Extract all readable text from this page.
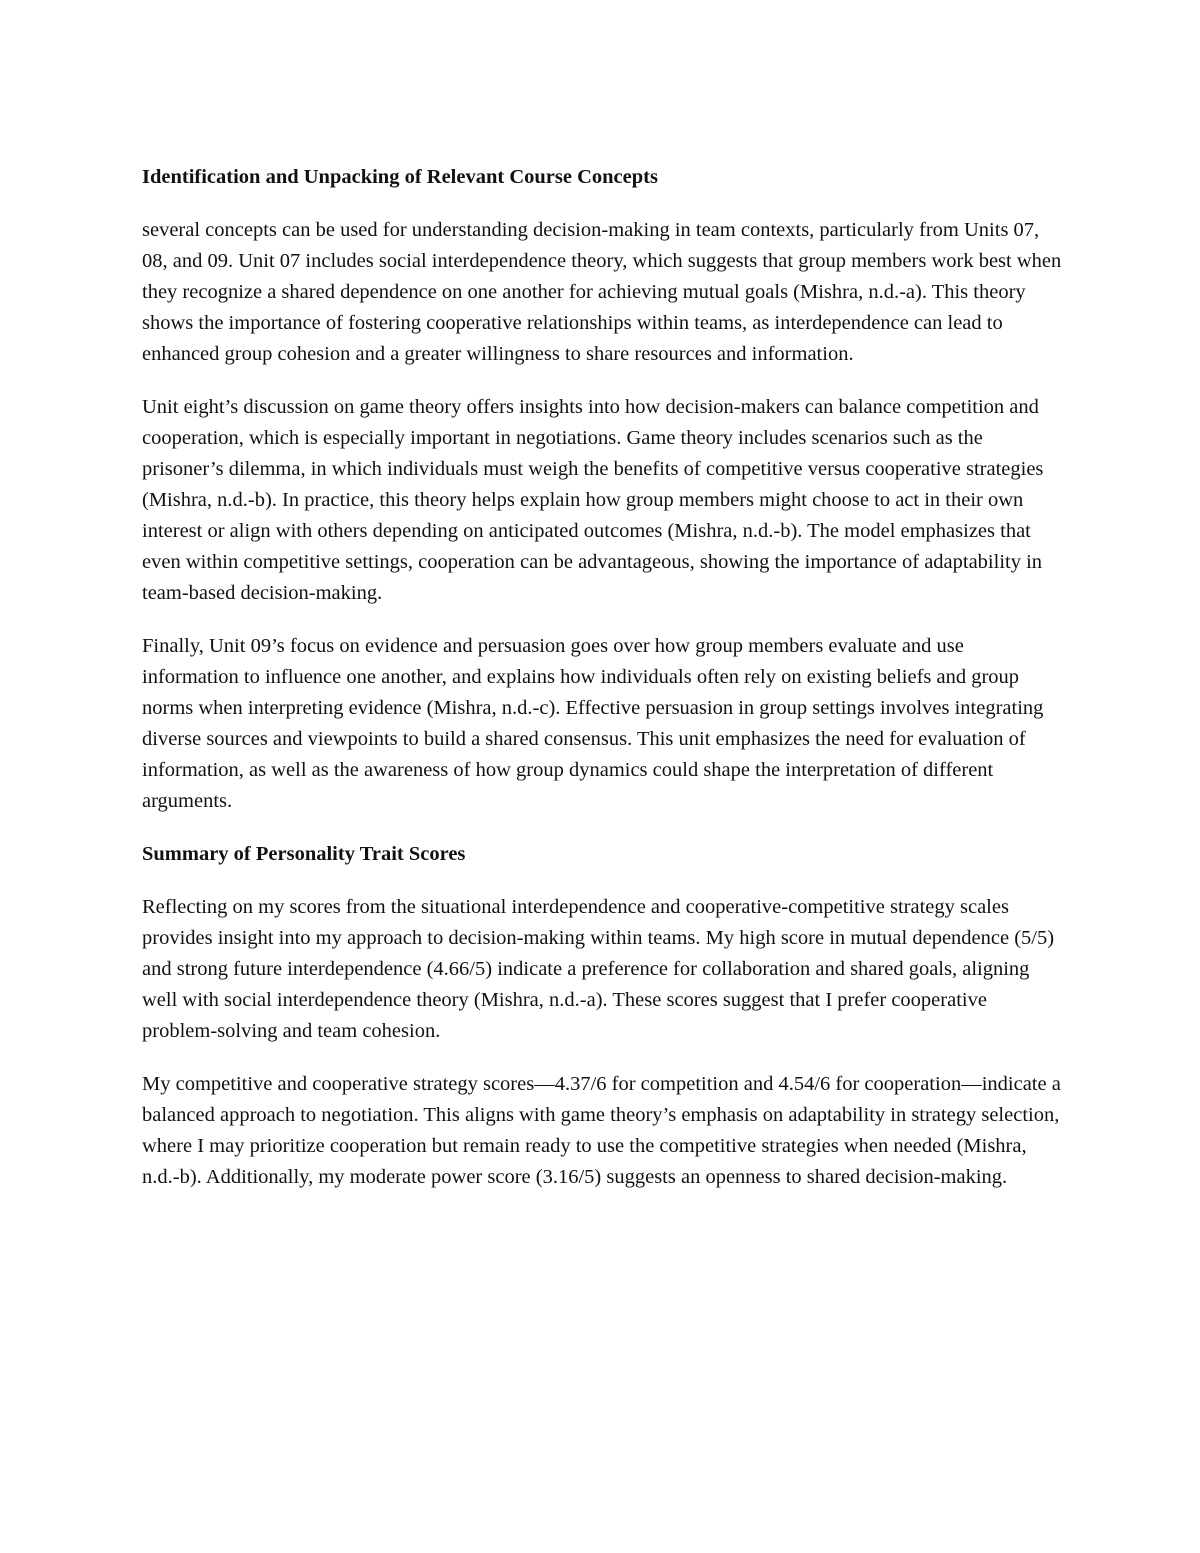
Identification and Unpacking of Relevant Course Concepts

several concepts can be used for understanding decision-making in team contexts, particularly from Units 07, 08, and 09. Unit 07 includes social interdependence theory, which suggests that group members work best when they recognize a shared dependence on one another for achieving mutual goals (Mishra, n.d.-a). This theory shows the importance of fostering cooperative relationships within teams, as interdependence can lead to enhanced group cohesion and a greater willingness to share resources and information.

Unit eight’s discussion on game theory offers insights into how decision-makers can balance competition and cooperation, which is especially important in negotiations. Game theory includes scenarios such as the prisoner’s dilemma, in which individuals must weigh the benefits of competitive versus cooperative strategies (Mishra, n.d.-b). In practice, this theory helps explain how group members might choose to act in their own interest or align with others depending on anticipated outcomes (Mishra, n.d.-b). The model emphasizes that even within competitive settings, cooperation can be advantageous, showing the importance of adaptability in team-based decision-making.

Finally, Unit 09’s focus on evidence and persuasion goes over how group members evaluate and use information to influence one another, and explains how individuals often rely on existing beliefs and group norms when interpreting evidence (Mishra, n.d.-c). Effective persuasion in group settings involves integrating diverse sources and viewpoints to build a shared consensus. This unit emphasizes the need for evaluation of information, as well as the awareness of how group dynamics could shape the interpretation of different arguments.

Summary of Personality Trait Scores

Reflecting on my scores from the situational interdependence and cooperative-competitive strategy scales provides insight into my approach to decision-making within teams. My high score in mutual dependence (5/5) and strong future interdependence (4.66/5) indicate a preference for collaboration and shared goals, aligning well with social interdependence theory (Mishra, n.d.-a). These scores suggest that I prefer cooperative problem-solving and team cohesion.

My competitive and cooperative strategy scores—4.37/6 for competition and 4.54/6 for cooperation—indicate a balanced approach to negotiation. This aligns with game theory’s emphasis on adaptability in strategy selection, where I may prioritize cooperation but remain ready to use the competitive strategies when needed (Mishra, n.d.-b). Additionally, my moderate power score (3.16/5) suggests an openness to shared decision-making.
